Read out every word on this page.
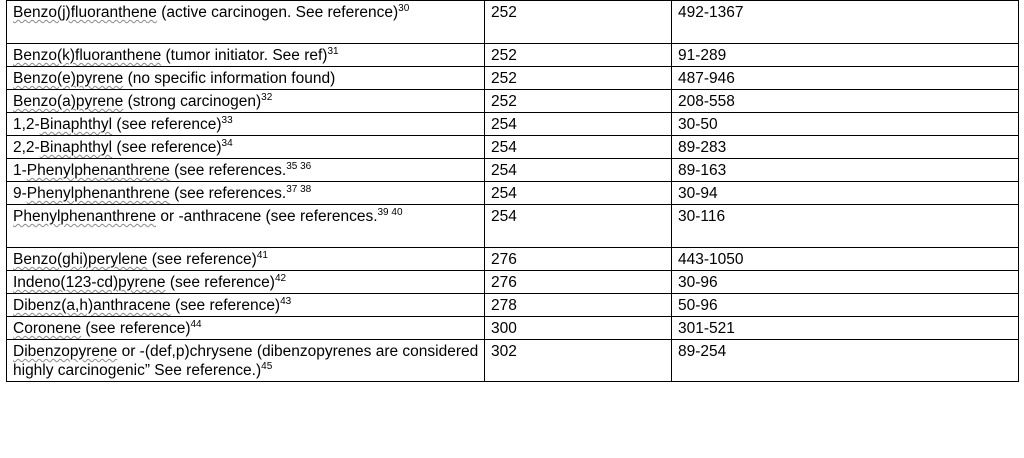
Benzo(j)fluoranthene (active carcinogen. See reference)$^{30}$	252	492-1367
Benzo(k)fluoranthene (tumor initiator. See ref)$^{31}$	252	91-289
Benzo(e)pyrene (no specific information found)	252	487-946
Benzo(a)pyrene (strong carcinogen)$^{32}$	252	208-558
1,2-Binaphthyl (see reference)$^{33}$	254	30-50
2,2-Binaphthyl (see reference)$^{34}$	254	89-283
1-Phenylphenanthrene (see references.$^{35 36}$	254	89-163
9-Phenylphenanthrene (see references.$^{37 38}$	254	30-94
Phenylphenanthrene or -anthracene (see references.$^{39 40}$	254	30-116
Benzo(ghi)perylene (see reference)$^{41}$	276	443-1050
Indeno(123-cd)pyrene (see reference)$^{42}$	276	30-96
Dibenz(a,h)anthracene (see reference)$^{43}$	278	50-96
Coronene (see reference)$^{44}$	300	301-521
Dibenzopyrene or -(def,p)chrysene (dibenzopyrenes are considered highly carcinogenic” See reference.)$^{45}$	302	89-254
